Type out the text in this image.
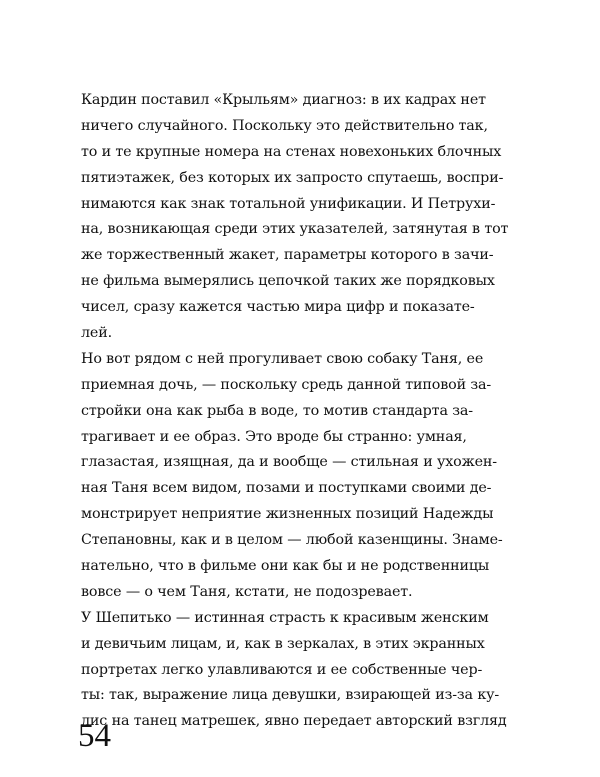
Кардин поставил «Крыльям» диагноз: в их кадрах нет
ничего случайного. Поскольку это действительно так,
то и те крупные номера на стенах новехоньких блочных
пятиэтажек, без которых их запросто спутаешь, воспри-
нимаются как знак тотальной унификации. И Петрухи-
на, возникающая среди этих указателей, затянутая в тот
же торжественный жакет, параметры которого в зачи-
не фильма вымерялись цепочкой таких же порядковых
чисел, сразу кажется частью мира цифр и показате-
лей.
Но вот рядом с ней прогуливает свою собаку Таня, ее
приемная дочь, — поскольку средь данной типовой за-
стройки она как рыба в воде, то мотив стандарта за-
трагивает и ее образ. Это вроде бы странно: умная,
глазастая, изящная, да и вообще — стильная и ухожен-
ная Таня всем видом, позами и поступками своими де-
монстрирует неприятие жизненных позиций Надежды
Степановны, как и в целом — любой казенщины. Знаме-
нательно, что в фильме они как бы и не родственницы
вовсе — о чем Таня, кстати, не подозревает.
У Шепитько — истинная страсть к красивым женским
и девичьим лицам, и, как в зеркалах, в этих экранных
портретах легко улавливаются и ее собственные чер-
ты: так, выражение лица девушки, взирающей из-за ку-
лис на танец матрешек, явно передает авторский взгляд
54
